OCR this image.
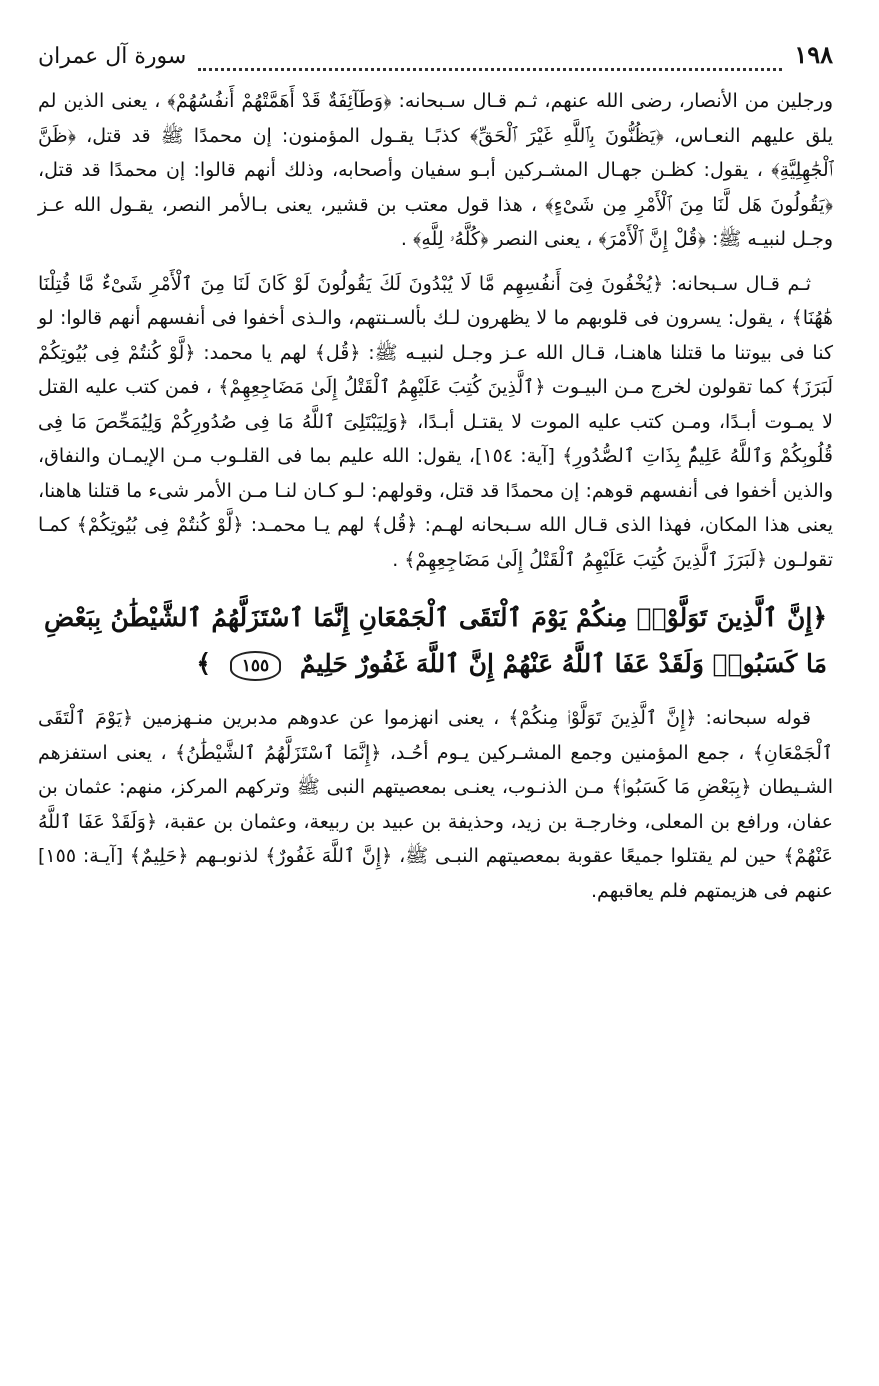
١٩٨
سورة آل عمران

ورجلين من الأنصار، رضى الله عنهم، ثـم قـال سـبحانه: ﴿وَطَآئِفَةٌ قَدْ أَهَمَّتْهُمْ أَنفُسُهُمْ﴾ ، يعنى الذين لم يلق عليهم النعـاس، ﴿يَظُنُّونَ بِٱللَّهِ غَيْرَ ٱلْحَقِّ﴾ كذبًـا يقـول المؤمنون: إن محمدًا ﷺ قد قتل، ﴿ظَنَّ ٱلْجَٰهِلِيَّةِ﴾ ، يقول: كظـن جهـال المشـركين أبـو سفيان وأصحابه، وذلك أنهم قالوا: إن محمدًا قد قتل، ﴿يَقُولُونَ هَل لَّنَا مِنَ ٱلْأَمْرِ مِن شَىْءٍ﴾ ، هذا قول معتب بن قشير، يعنى بـالأمر النصر، يقـول الله عـز وجـل لنبيـه ﷺ: ﴿قُلْ إِنَّ ٱلْأَمْرَ﴾ ، يعنى النصر ﴿كُلَّهُۥ لِلَّهِ﴾ .

ثـم قـال سـبحانه: ﴿يُخْفُونَ فِىٓ أَنفُسِهِم مَّا لَا يُبْدُونَ لَكَ يَقُولُونَ لَوْ كَانَ لَنَا مِنَ ٱلْأَمْرِ شَىْءٌ مَّا قُتِلْنَا هَٰهُنَا﴾ ، يقول: يسرون فى قلوبهم ما لا يظهرون لـك بألسـنتهم، والـذى أخفوا فى أنفسهم أنهم قالوا: لو كنا فى بيوتنا ما قتلنا هاهنـا، قـال الله عـز وجـل لنبيـه ﷺ: ﴿قُل﴾ لهم يا محمد: ﴿لَّوْ كُنتُمْ فِى بُيُوتِكُمْ لَبَرَزَ﴾ كما تقولون لخرج مـن البيـوت ﴿ٱلَّذِينَ كُتِبَ عَلَيْهِمُ ٱلْقَتْلُ إِلَىٰ مَضَاجِعِهِمْ﴾ ، فمن كتب عليه القتل لا يمـوت أبـدًا، ومـن كتب عليه الموت لا يقتـل أبـدًا، ﴿وَلِيَبْتَلِىَ ٱللَّهُ مَا فِى صُدُورِكُمْ وَلِيُمَحِّصَ مَا فِى قُلُوبِكُمْ وَٱللَّهُ عَلِيمٌۢ بِذَاتِ ٱلصُّدُورِ﴾ [آية: ١٥٤]، يقول: الله عليم بما فى القلـوب مـن الإيمـان والنفاق، والذين أخفوا فى أنفسهم قوهم: إن محمدًا قد قتل، وقولهم: لـو كـان لنـا مـن الأمر شىء ما قتلنا هاهنا، يعنى هذا المكان، فهذا الذى قـال الله سـبحانه لهـم: ﴿قُل﴾ لهم يـا محمـد: ﴿لَّوْ كُنتُمْ فِى بُيُوتِكُمْ﴾ كمـا تقولـون ﴿لَبَرَزَ ٱلَّذِينَ كُتِبَ عَلَيْهِمُ ٱلْقَتْلُ إِلَىٰ مَضَاجِعِهِمْ﴾ .

﴿إِنَّ ٱلَّذِينَ تَوَلَّوْا۟ مِنكُمْ يَوْمَ ٱلْتَقَى ٱلْجَمْعَانِ إِنَّمَا ٱسْتَزَلَّهُمُ ٱلشَّيْطَٰنُ بِبَعْضِ مَا كَسَبُوا۟ وَلَقَدْ عَفَا ٱللَّهُ عَنْهُمْ إِنَّ ٱللَّهَ غَفُورٌ حَلِيمٌ ١٥٥ ﴾

قوله سبحانه: ﴿إِنَّ ٱلَّذِينَ تَوَلَّوْا۟ مِنكُمْ﴾ ، يعنى انهزموا عن عدوهم مدبرين منـهزمين ﴿يَوْمَ ٱلْتَقَى ٱلْجَمْعَانِ﴾ ، جمع المؤمنين وجمع المشـركين يـوم أحُـد، ﴿إِنَّمَا ٱسْتَزَلَّهُمُ ٱلشَّيْطَٰنُ﴾ ، يعنى استفزهم الشـيطان ﴿بِبَعْضِ مَا كَسَبُوا۟﴾ مـن الذنـوب، يعنـى بمعصيتهم النبى ﷺ وتركهم المركز، منهم: عثمان بن عفان، ورافع بن المعلى، وخارجـة بن زيد، وحذيفة بن عبيد بن ربيعة، وعثمان بن عقبة، ﴿وَلَقَدْ عَفَا ٱللَّهُ عَنْهُمْ﴾ حين لم يقتلوا جميعًا عقوبة بمعصيتهم النبـى ﷺ، ﴿إِنَّ ٱللَّهَ غَفُورٌ﴾ لذنوبـهم ﴿حَلِيمٌ﴾ [آيـة: ١٥٥] عنهم فى هزيمتهم فلم يعاقبهم.
